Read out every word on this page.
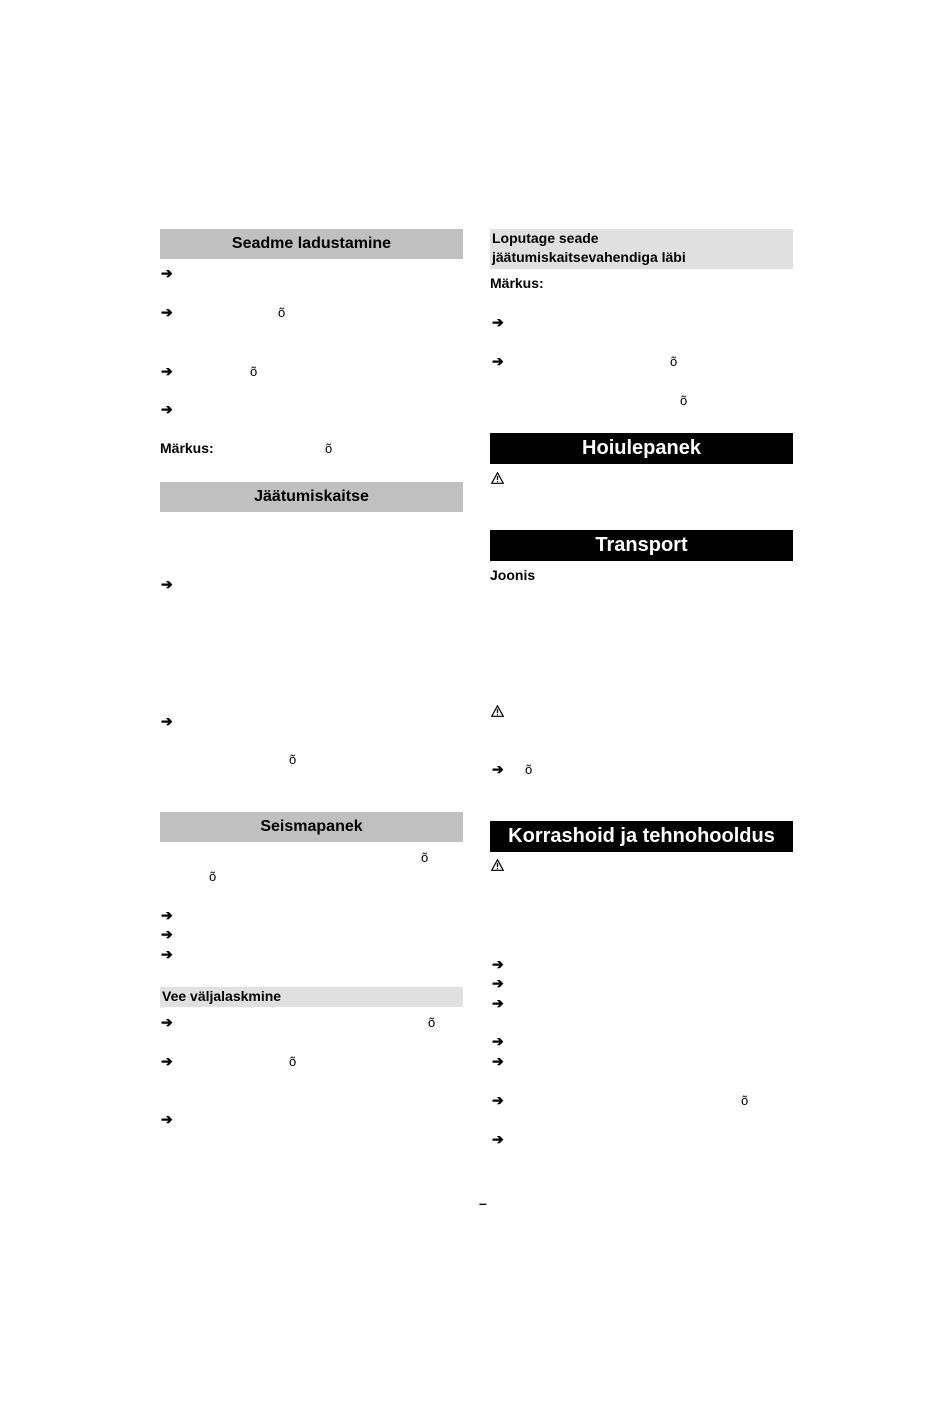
Seadme ladustamine
➔
➔	õ
➔	õ
➔
Märkus:	õ
Jäätumiskaitse
➔
➔
õ
Seismapanek
õ
õ
➔
➔
➔
Vee väljalaskmine
➔	õ
➔	õ
➔
Loputage seade
jäätumiskaitsevahendiga läbi
Märkus:
➔
➔	õ
õ
Hoiulepanek
Transport
Joonis
➔ õ
Korrashoid ja tehnohooldus
➔
➔
➔
➔
➔
➔	õ
➔
–
